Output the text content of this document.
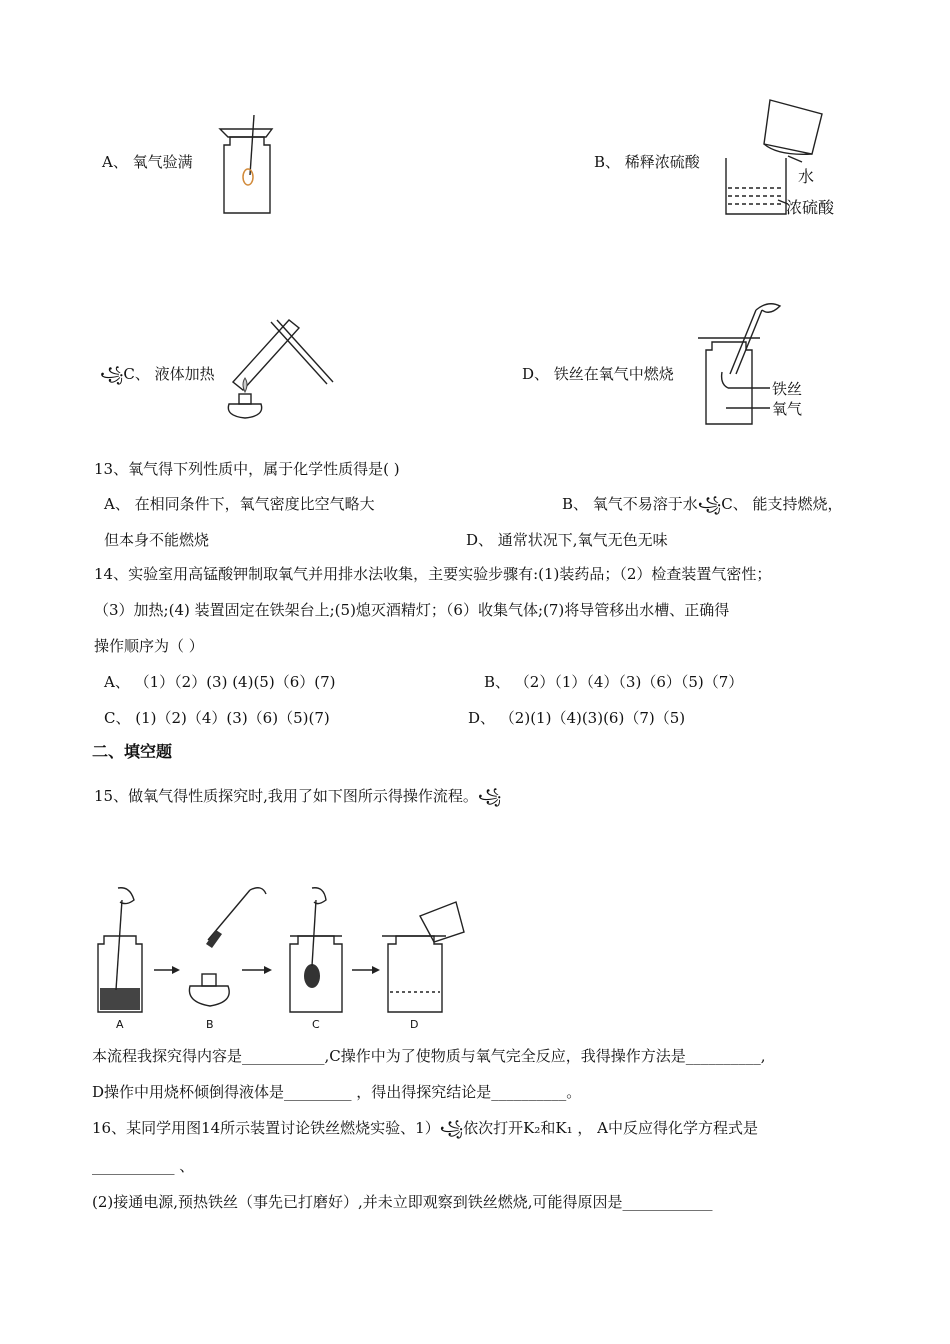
A、 氧气验满	B、 稀释浓硫酸
꧁C、 液体加热	D、 铁丝在氧气中燃烧
水
浓硫酸
铁丝
氧气
13、氧气得下列性质中，属于化学性质得是( )
A、 在相同条件下，氧气密度比空气略大	B、 氧气不易溶于水꧁C、 能支持燃烧，
但本身不能燃烧	D、 通常状况下,氧气无色无味
14、实验室用高锰酸钾制取氧气并用排水法收集，主要实验步骤有:(1)装药品；（2）检查装置气密性；
（3）加热;(4) 装置固定在铁架台上;(5)熄灭酒精灯；（6）收集气体;(7)将导管移出水槽、正确得
操作顺序为（ ）
A、 （1）（2）(3) (4)(5)（6）(7)	B、 （2）（1）（4）（3)（6）（5)（7）
C、 (1)（2)（4）(3)（6)（5)(7)	D、 （2)(1)（4)(3)(6)（7)（5)
二、填空题
15、做氧气得性质探究时,我用了如下图所示得操作流程。꧁
A	B	C	D
本流程我探究得内容是___________,C操作中为了使物质与氧气完全反应，我得操作方法是__________,
D操作中用烧杯倾倒得液体是_________ ，得出得探究结论是__________。
16、某同学用图14所示装置讨论铁丝燃烧实验、1）꧁依次打开K₂和K₁ ， A中反应得化学方程式是
___________ 、
(2)接通电源,预热铁丝（事先已打磨好）,并未立即观察到铁丝燃烧,可能得原因是____________
